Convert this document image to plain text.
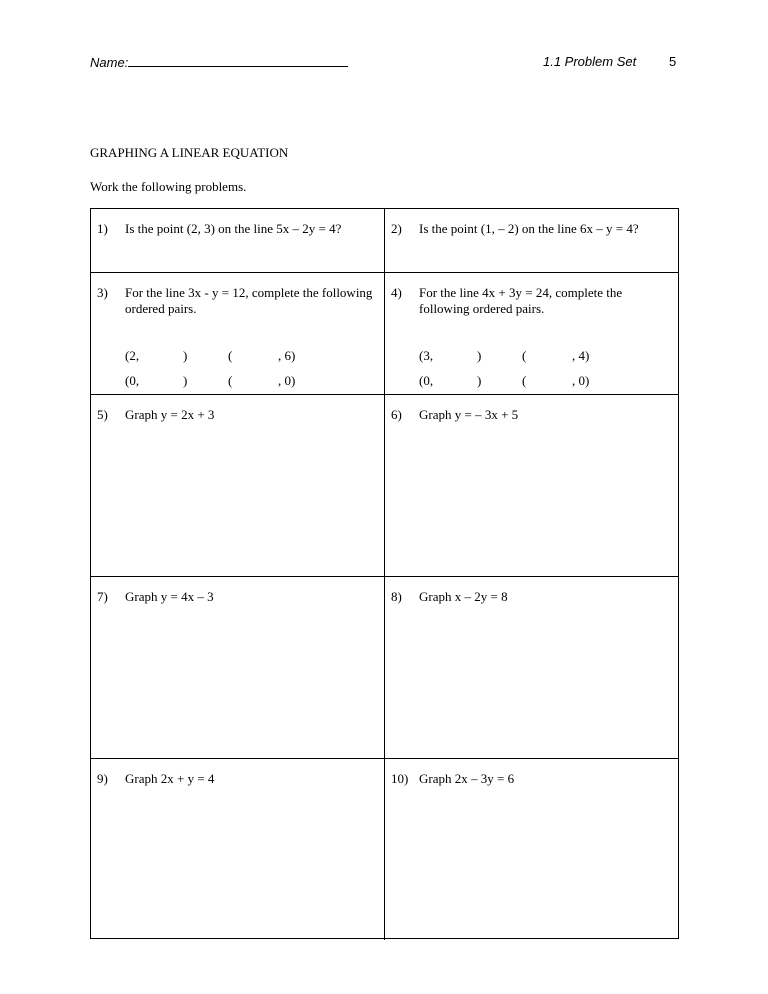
Name:	1.1 Problem Set	5
GRAPHING A LINEAR EQUATION
Work the following problems.
1)	Is the point (2, 3) on the line 5x – 2y = 4?	2)	Is the point (1, – 2) on the line 6x – y = 4?
3)	For the line 3x - y = 12, complete the following ordered pairs.
(2,	)	(	, 6)
(0,	)	(	, 0)
4)	For the line 4x + 3y = 24, complete the following ordered pairs.
(3,	)	(	, 4)
(0,	)	(	, 0)
5)	Graph y = 2x + 3	6)	Graph y = – 3x + 5
7)	Graph y = 4x – 3	8)	Graph x – 2y = 8
9)	Graph 2x + y = 4	10) Graph 2x – 3y = 6
